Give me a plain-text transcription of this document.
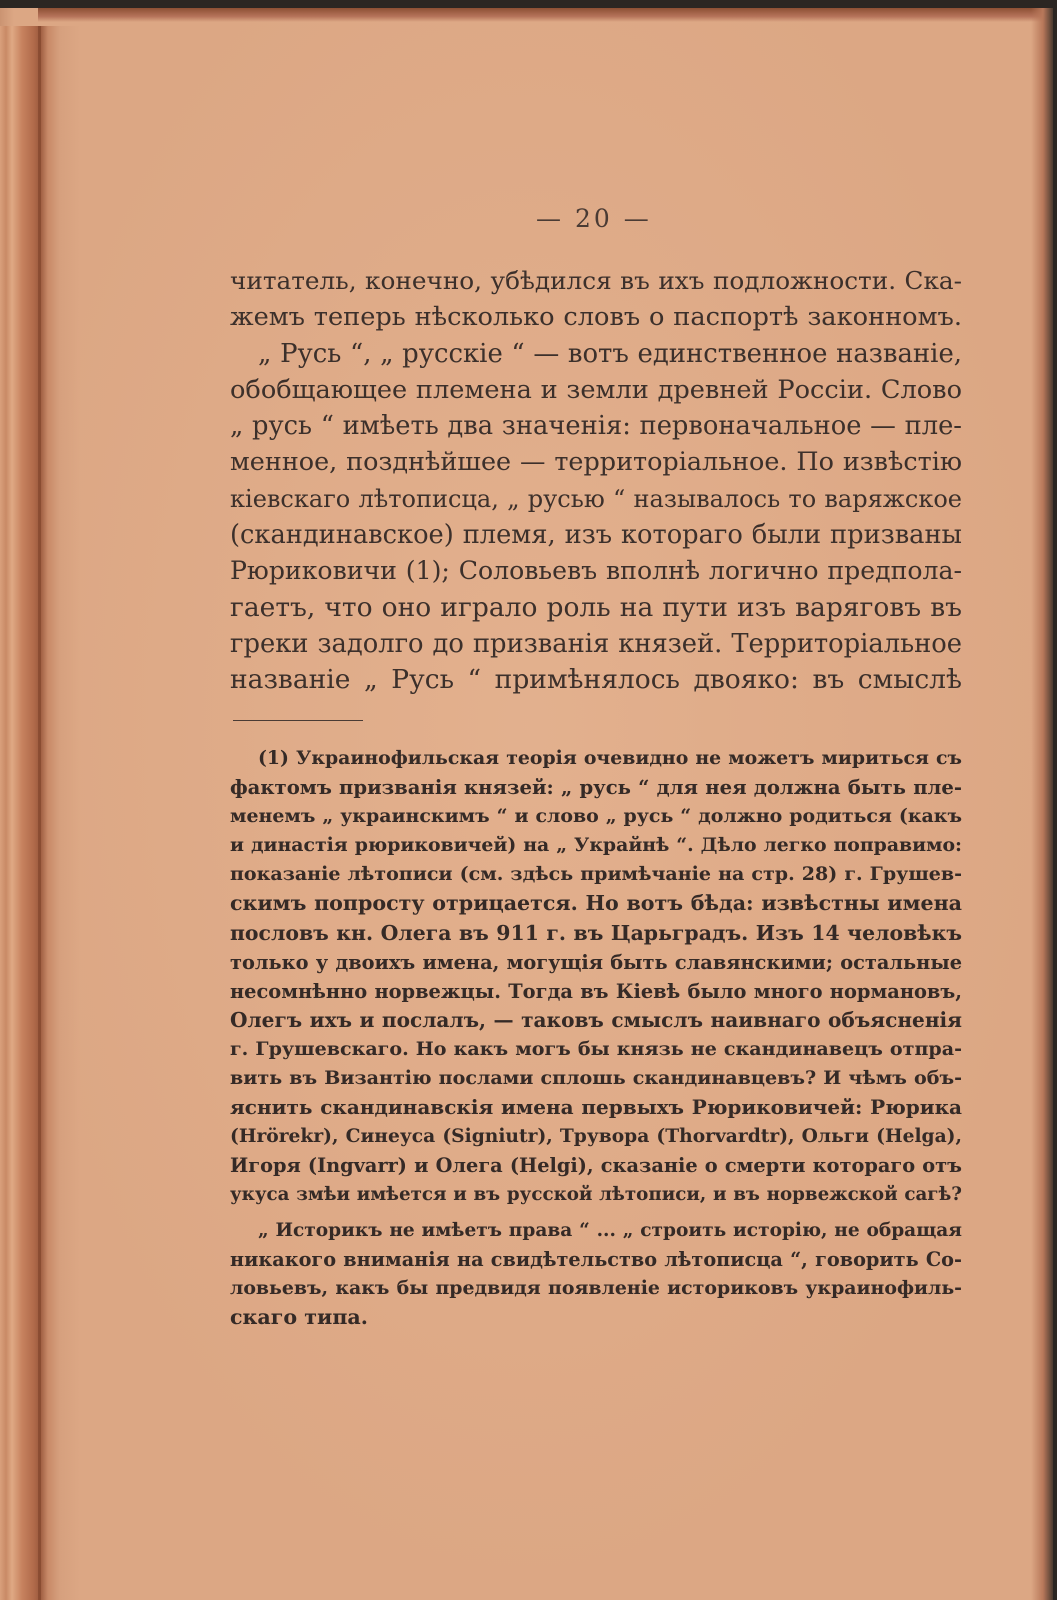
— 20 —
читатель, конечно, убѣдился въ ихъ подложности. Ска-
жемъ теперь нѣсколько словъ о паспортѣ законномъ.
„ Русь “, „ русскіе “ — вотъ единственное названіе,
обобщающее племена и земли древней Россіи. Слово
„ русь “ имѣеть два значенія: первоначальное — пле-
менное, позднѣйшее — территоріальное. По извѣстію
кіевскаго лѣтописца, „ русью “ называлось то варяжское
(скандинавское) племя, изъ котораго были призваны
Рюриковичи (1); Соловьевъ вполнѣ логично предпола-
гаетъ, что оно играло роль на пути изъ варяговъ въ
греки задолго до призванія князей. Территоріальное
названіе „ Русь “ примѣнялось двояко: въ смыслѣ
(1) Украинофильская теорія очевидно не можетъ мириться съ
фактомъ призванія князей: „ русь “ для нея должна быть пле-
менемъ „ украинскимъ “ и слово „ русь “ должно родиться (какъ
и династія рюриковичей) на „ Украйнѣ “. Дѣло легко поправимо:
показаніе лѣтописи (см. здѣсь примѣчаніе на стр. 28) г. Грушев-
скимъ попросту отрицается. Но вотъ бѣда: извѣстны имена
пословъ кн. Олега въ 911 г. въ Царьградъ. Изъ 14 человѣкъ
только у двоихъ имена, могущія быть славянскими; остальные
несомнѣнно норвежцы. Тогда въ Кіевѣ было много нормановъ,
Олегъ ихъ и послалъ, — таковъ смыслъ наивнаго объясненія
г. Грушевскаго. Но какъ могъ бы князь не скандинавецъ отпра-
вить въ Византію послами сплошь скандинавцевъ? И чѣмъ объ-
яснить скандинавскія имена первыхъ Рюриковичей: Рюрика
(Hrörekr), Синеуса (Signiutr), Трувора (Thorvardtr), Ольги (Helga),
Игоря (Ingvarr) и Олега (Helgi), сказаніе о смерти котораго отъ
укуса змѣи имѣется и въ русской лѣтописи, и въ норвежской сагѣ?
„ Историкъ не имѣетъ права “ ... „ строить исторію, не обращая
никакого вниманія на свидѣтельство лѣтописца “, говорить Со-
ловьевъ, какъ бы предвидя появленіе историковъ украинофиль-
скаго типа.
